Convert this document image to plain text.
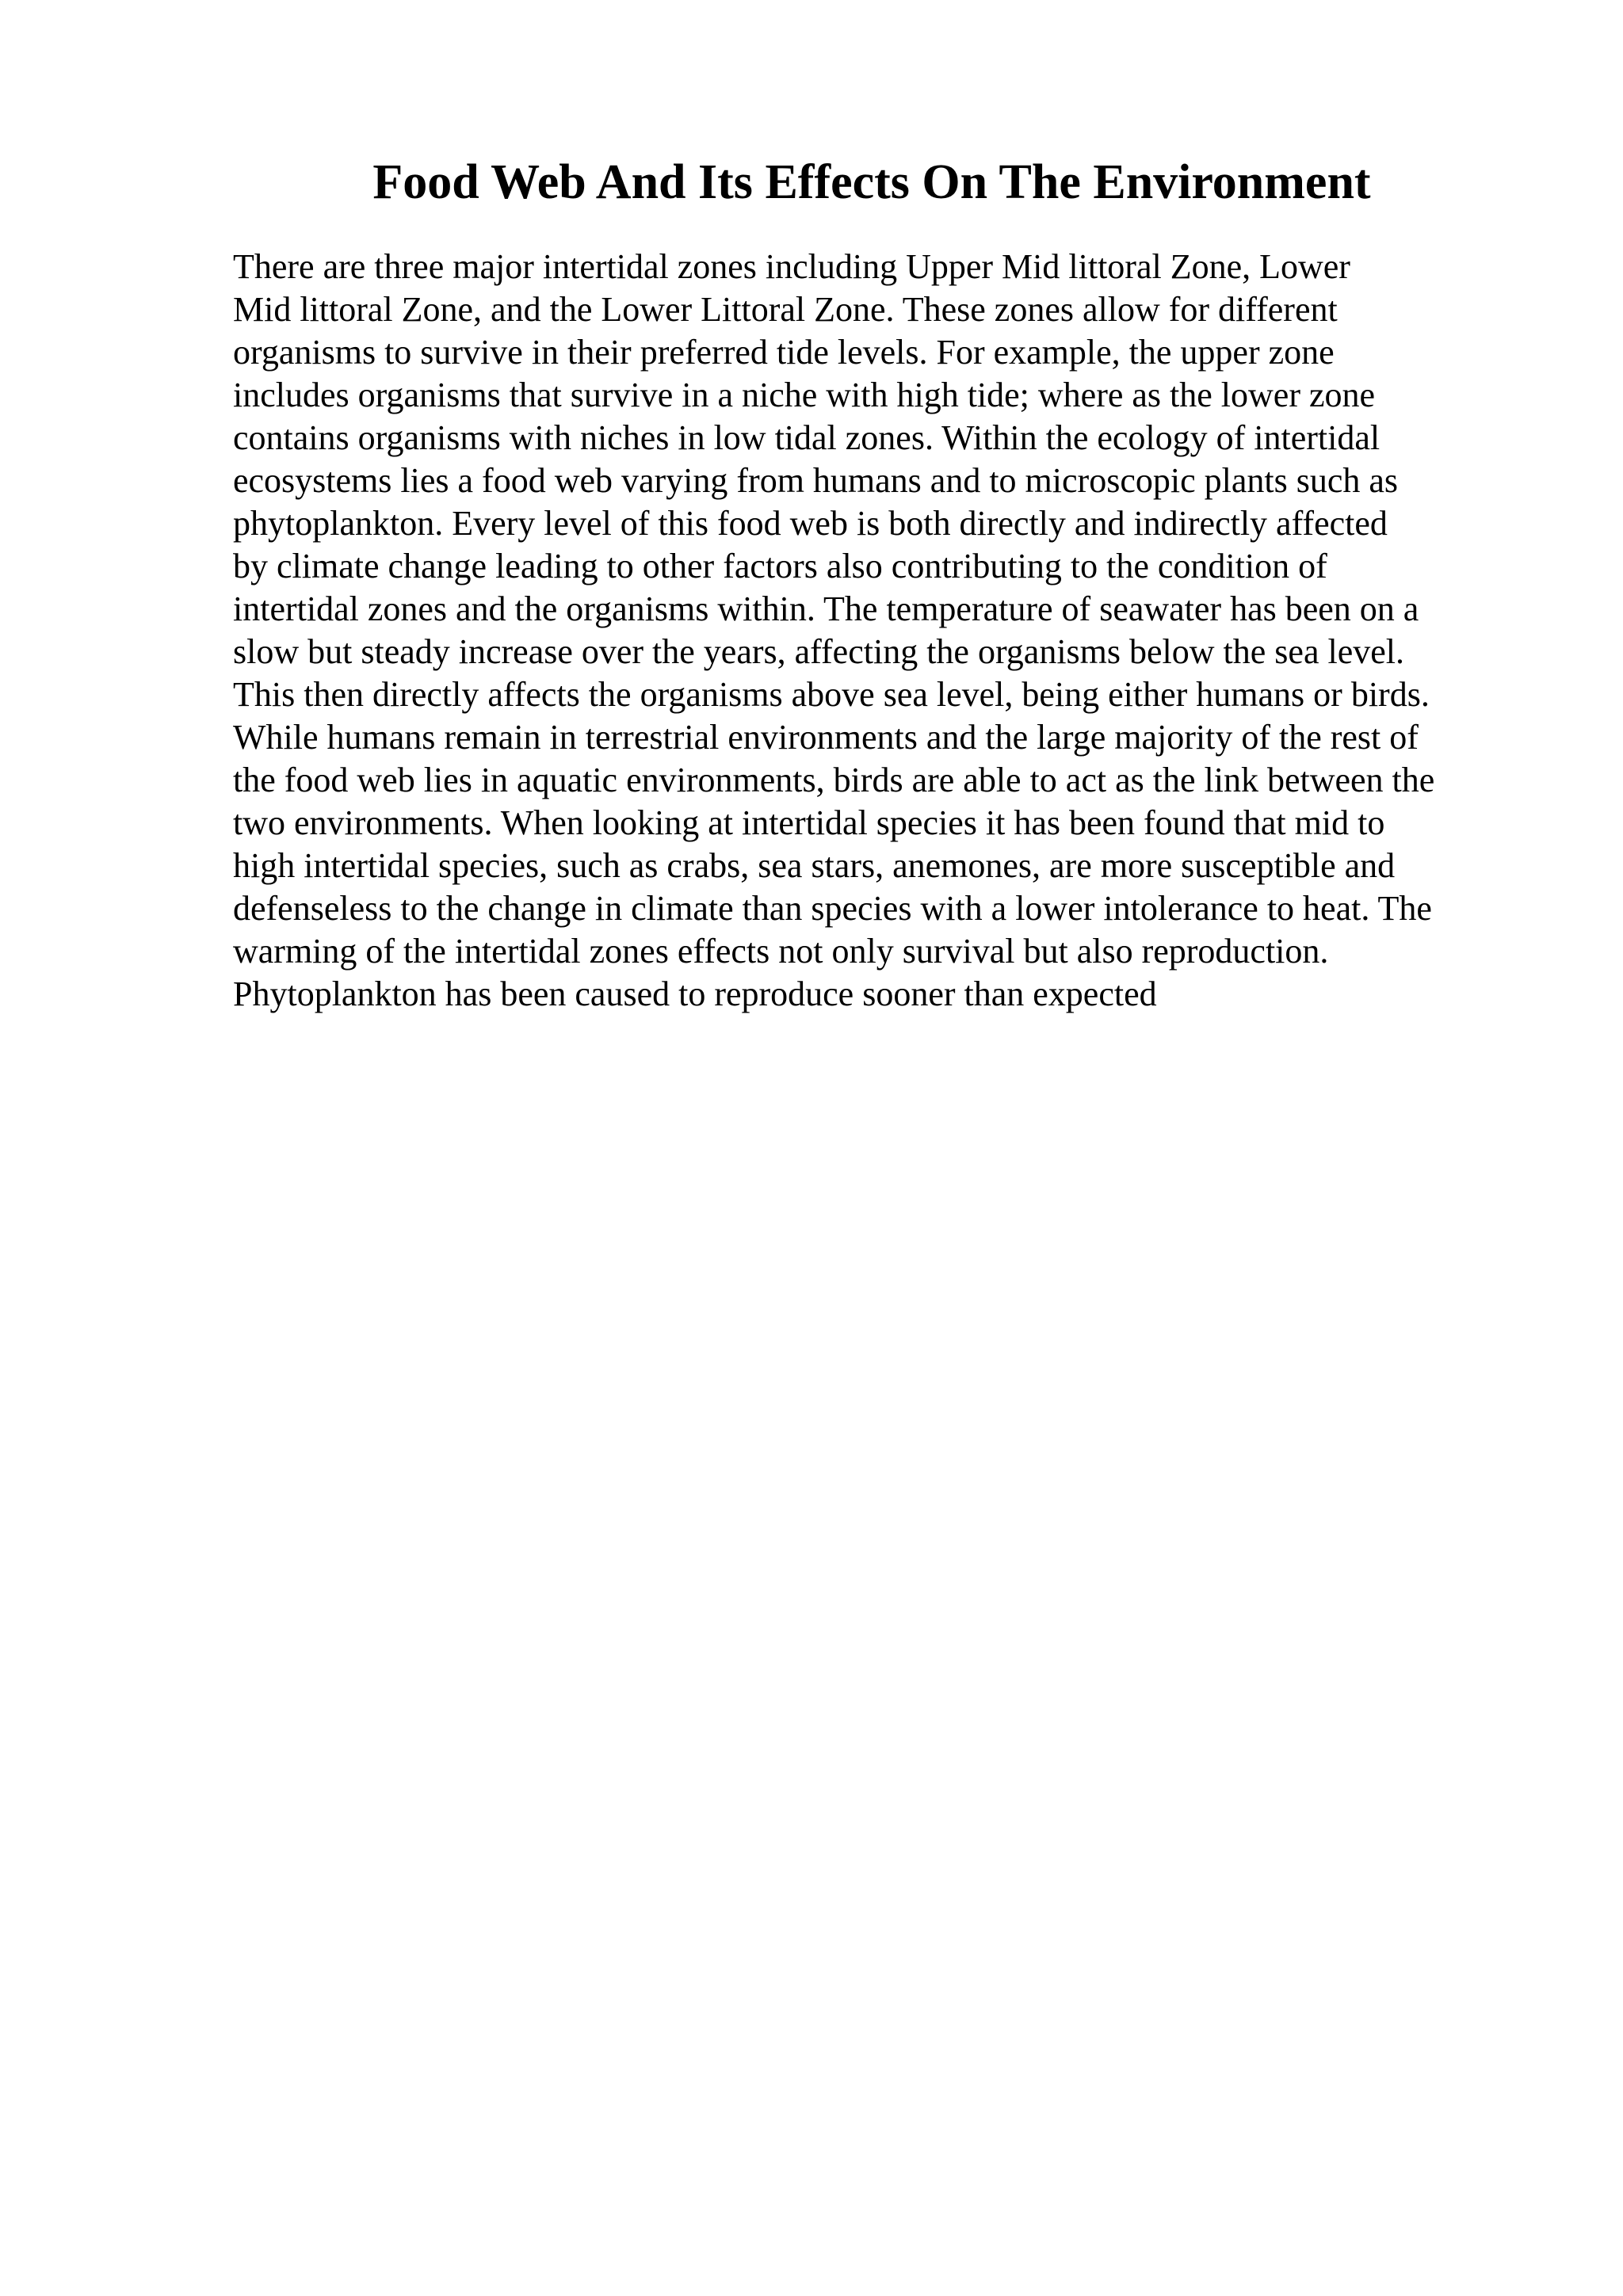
Food Web And Its Effects On The Environment

There are three major intertidal zones including Upper Mid littoral Zone, Lower
Mid littoral Zone, and the Lower Littoral Zone. These zones allow for different
organisms to survive in their preferred tide levels. For example, the upper zone
includes organisms that survive in a niche with high tide; where as the lower zone
contains organisms with niches in low tidal zones. Within the ecology of intertidal
ecosystems lies a food web varying from humans and to microscopic plants such as
phytoplankton. Every level of this food web is both directly and indirectly affected
by climate change leading to other factors also contributing to the condition of
intertidal zones and the organisms within. The temperature of seawater has been on a
slow but steady increase over the years, affecting the organisms below the sea level.
This then directly affects the organisms above sea level, being either humans or birds.
While humans remain in terrestrial environments and the large majority of the rest of
the food web lies in aquatic environments, birds are able to act as the link between the
two environments. When looking at intertidal species it has been found that mid to
high intertidal species, such as crabs, sea stars, anemones, are more susceptible and
defenseless to the change in climate than species with a lower intolerance to heat. The
warming of the intertidal zones effects not only survival but also reproduction.
Phytoplankton has been caused to reproduce sooner than expected
